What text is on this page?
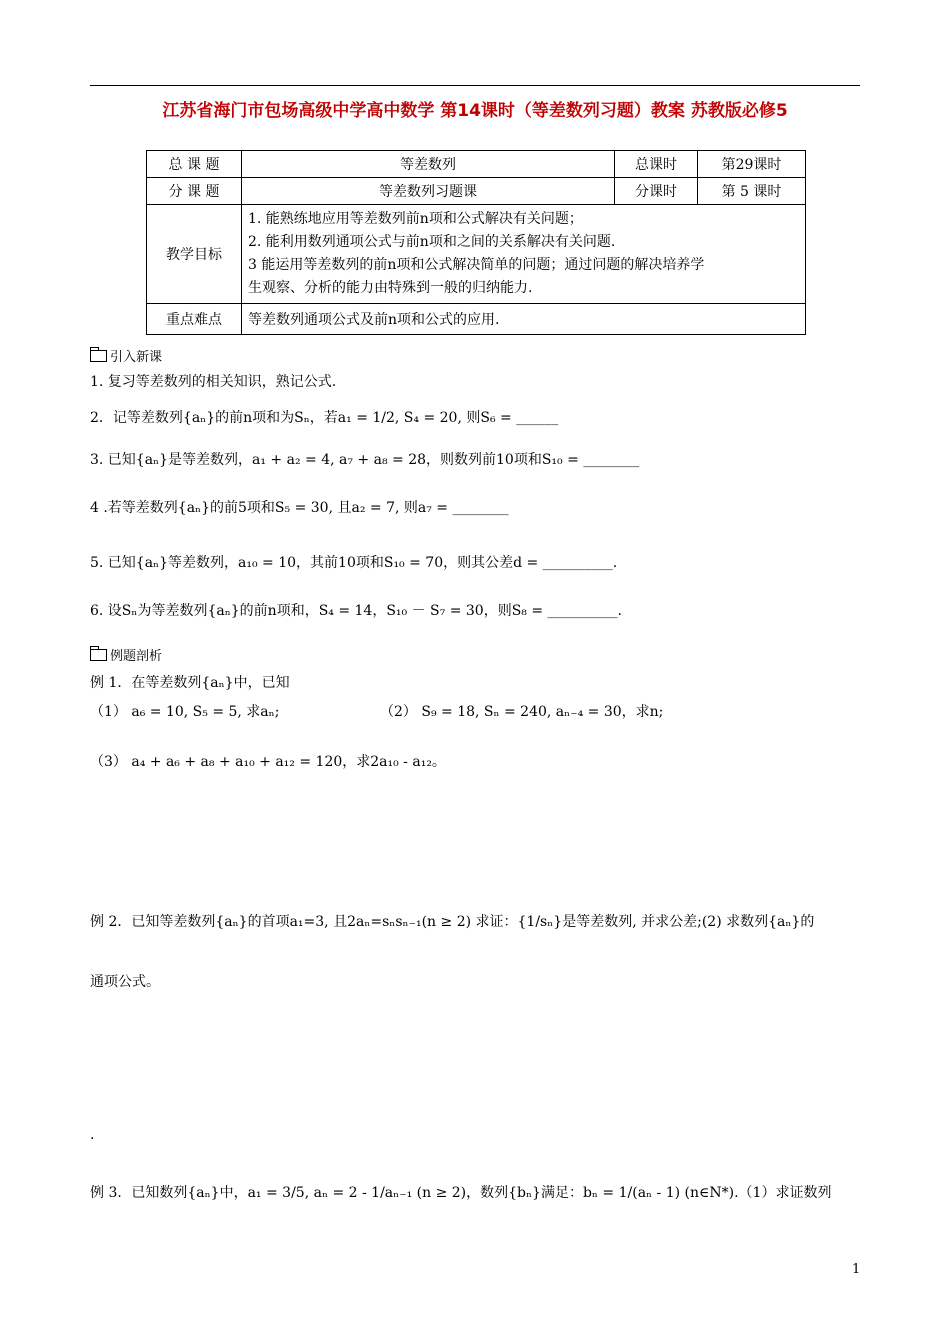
江苏省海门市包场高级中学高中数学 第14课时（等差数列习题）教案 苏教版必修5
总 课 题	等差数列	总课时	第29课时
分 课 题	等差数列习题课	分课时	第 5 课时
教学目标	1. 能熟练地应用等差数列前n项和公式解决有关问题；
2. 能利用数列通项公式与前n项和之间的关系解决有关问题.
3 能运用等差数列的前n项和公式解决简单的问题；通过问题的解决培养学
生观察、分析的能力由特殊到一般的归纳能力.		

重点难点	等差数列通项公式及前n项和公式的应用.		
引入新课
1. 复习等差数列的相关知识，熟记公式.
2．记等差数列{aₙ}的前n项和为Sₙ，若a₁ = 1/2, S₄ = 20, 则S₆ = ______
3. 已知{aₙ}是等差数列，a₁ + a₂ = 4, a₇ + a₈ = 28，则数列前10项和S₁₀ = ________
4 .若等差数列{aₙ}的前5项和S₅ = 30, 且a₂ = 7, 则a₇ = ________
5. 已知{aₙ}等差数列，a₁₀ = 10，其前10项和S₁₀ = 70，则其公差d = __________.
6. 设Sₙ为等差数列{aₙ}的前n项和，S₄ = 14，S₁₀ － S₇ = 30，则S₈ = __________.
例题剖析
例 1．在等差数列{aₙ}中，已知
（1） a₆ = 10, S₅ = 5, 求aₙ;	（2） S₉ = 18, Sₙ = 240, aₙ₋₄ = 30，求n;
（3） a₄ + a₆ + a₈ + a₁₀ + a₁₂ = 120，求2a₁₀ - a₁₂。
例 2．已知等差数列{aₙ}的首项a₁=3, 且2aₙ=sₙsₙ₋₁(n ≥ 2) 求证：{1/sₙ}是等差数列, 并求公差;(2) 求数列{aₙ}的
通项公式。
.
例 3．已知数列{aₙ}中，a₁ = 3/5, aₙ = 2 - 1/aₙ₋₁ (n ≥ 2)，数列{bₙ}满足：bₙ = 1/(aₙ - 1) (n∈N*).（1）求证数列
1
